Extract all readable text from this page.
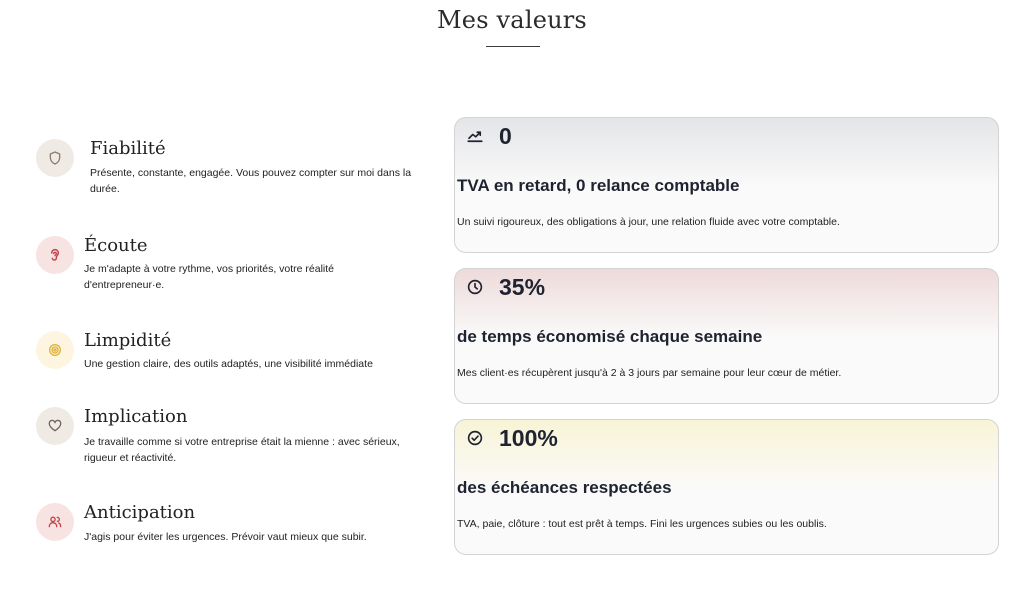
Mes valeurs
Fiabilité
Présente, constante, engagée. Vous pouvez compter sur moi dans la durée.
Écoute
Je m'adapte à votre rythme, vos priorités, votre réalité d'entrepreneur·e.
Limpidité
Une gestion claire, des outils adaptés, une visibilité immédiate
Implication
Je travaille comme si votre entreprise était la mienne : avec sérieux, rigueur et réactivité.
Anticipation
J'agis pour éviter les urgences. Prévoir vaut mieux que subir.
0
TVA en retard, 0 relance comptable
Un suivi rigoureux, des obligations à jour, une relation fluide avec votre comptable.
35%
de temps économisé chaque semaine
Mes client·es récupèrent jusqu'à 2 à 3 jours par semaine pour leur cœur de métier.
100%
des échéances respectées
TVA, paie, clôture : tout est prêt à temps. Fini les urgences subies ou les oublis.
